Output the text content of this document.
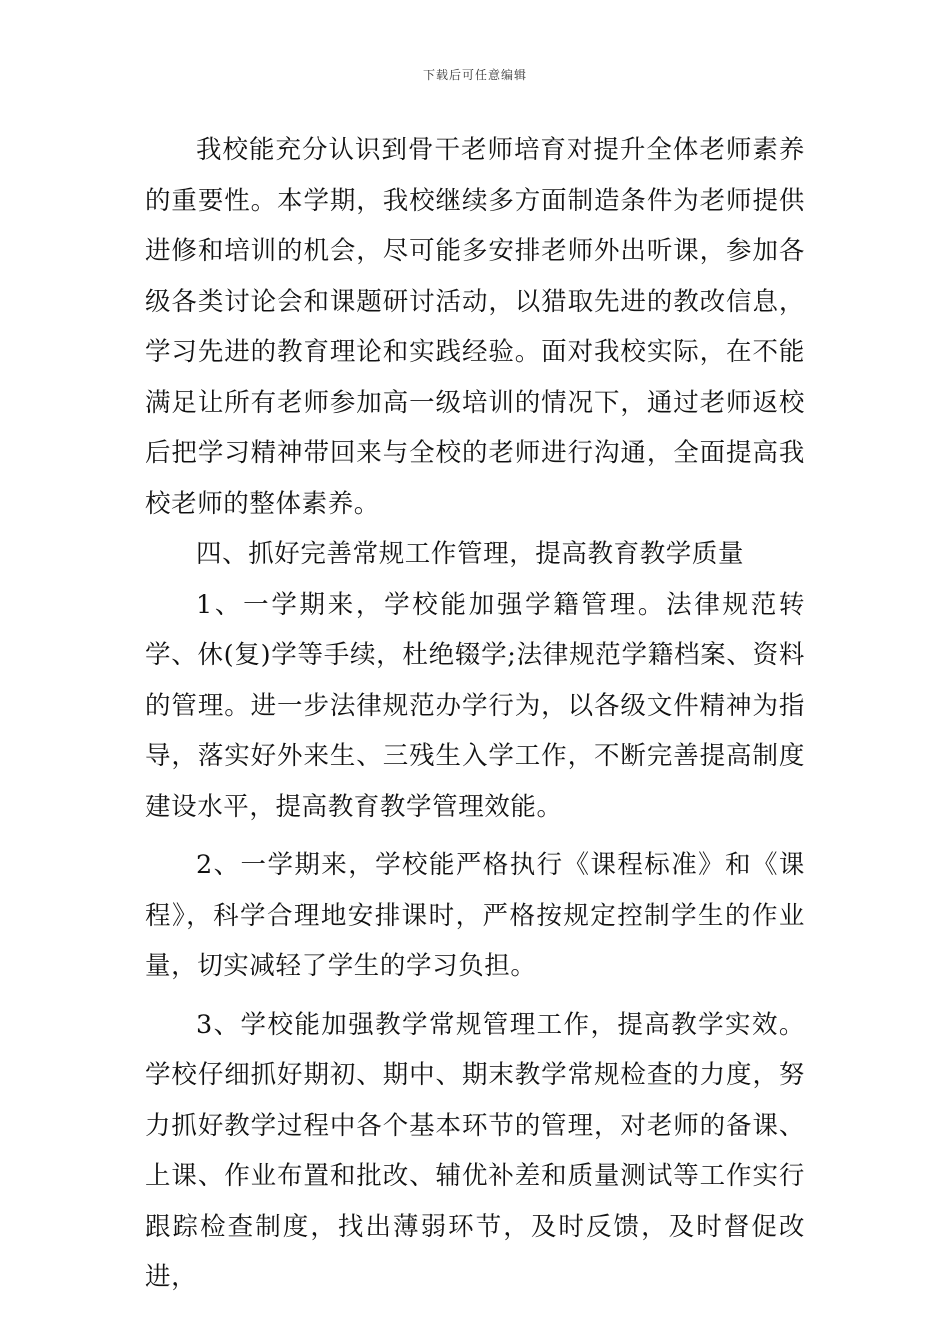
下载后可任意编辑

我校能充分认识到骨干老师培育对提升全体老师素养的重要性。本学期，我校继续多方面制造条件为老师提供进修和培训的机会，尽可能多安排老师外出听课，参加各级各类讨论会和课题研讨活动，以猎取先进的教改信息，学习先进的教育理论和实践经验。面对我校实际，在不能满足让所有老师参加高一级培训的情况下，通过老师返校后把学习精神带回来与全校的老师进行沟通，全面提高我校老师的整体素养。

四、抓好完善常规工作管理，提高教育教学质量

1、一学期来，学校能加强学籍管理。法律规范转学、休(复)学等手续，杜绝辍学;法律规范学籍档案、资料的管理。进一步法律规范办学行为，以各级文件精神为指导，落实好外来生、三残生入学工作，不断完善提高制度建设水平，提高教育教学管理效能。

2、一学期来，学校能严格执行《课程标准》和《课程》，科学合理地安排课时，严格按规定控制学生的作业量，切实减轻了学生的学习负担。

3、学校能加强教学常规管理工作，提高教学实效。学校仔细抓好期初、期中、期末教学常规检查的力度，努力抓好教学过程中各个基本环节的管理，对老师的备课、上课、作业布置和批改、辅优补差和质量测试等工作实行跟踪检查制度，找出薄弱环节，及时反馈，及时督促改进，
